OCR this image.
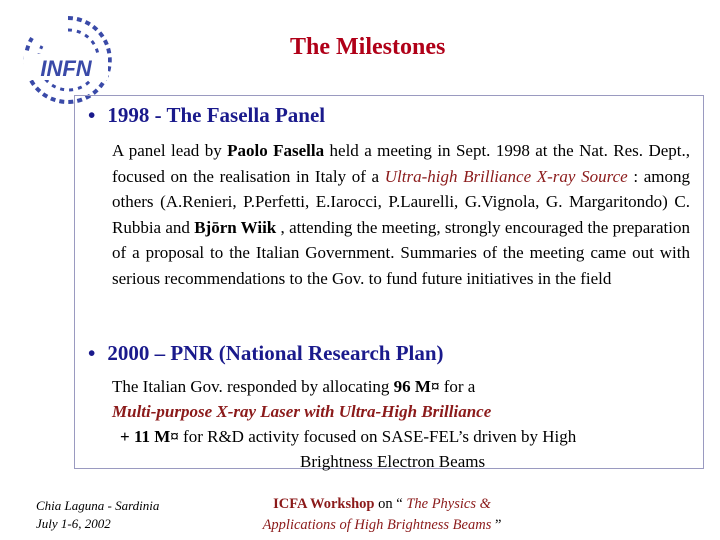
INFN
The Milestones
• 1998 - The Fasella Panel
A panel lead by Paolo Fasella held a meeting in Sept. 1998 at the Nat. Res. Dept., focused on the realisation in Italy of a Ultra-high Brilliance X-ray Source : among others (A.Renieri, P.Perfetti, E.Iarocci, P.Laurelli, G.Vignola, G. Margaritondo) C. Rubbia and Bjōrn Wiik , attending the meeting, strongly encouraged the preparation of a proposal to the Italian Government. Summaries of the meeting came out with serious recommendations to the Gov. to fund future initiatives in the field
• 2000 – PNR (National Research Plan)
The Italian Gov. responded by allocating 96 M¤ for a
Multi-purpose X-ray Laser with Ultra-High Brilliance
+ 11 M¤ for R&D activity focused on SASE-FEL’s driven by High
Brightness Electron Beams
Chia Laguna - Sardinia
July 1-6, 2002
ICFA Workshop on “ The Physics &
Applications of High Brightness Beams ”
